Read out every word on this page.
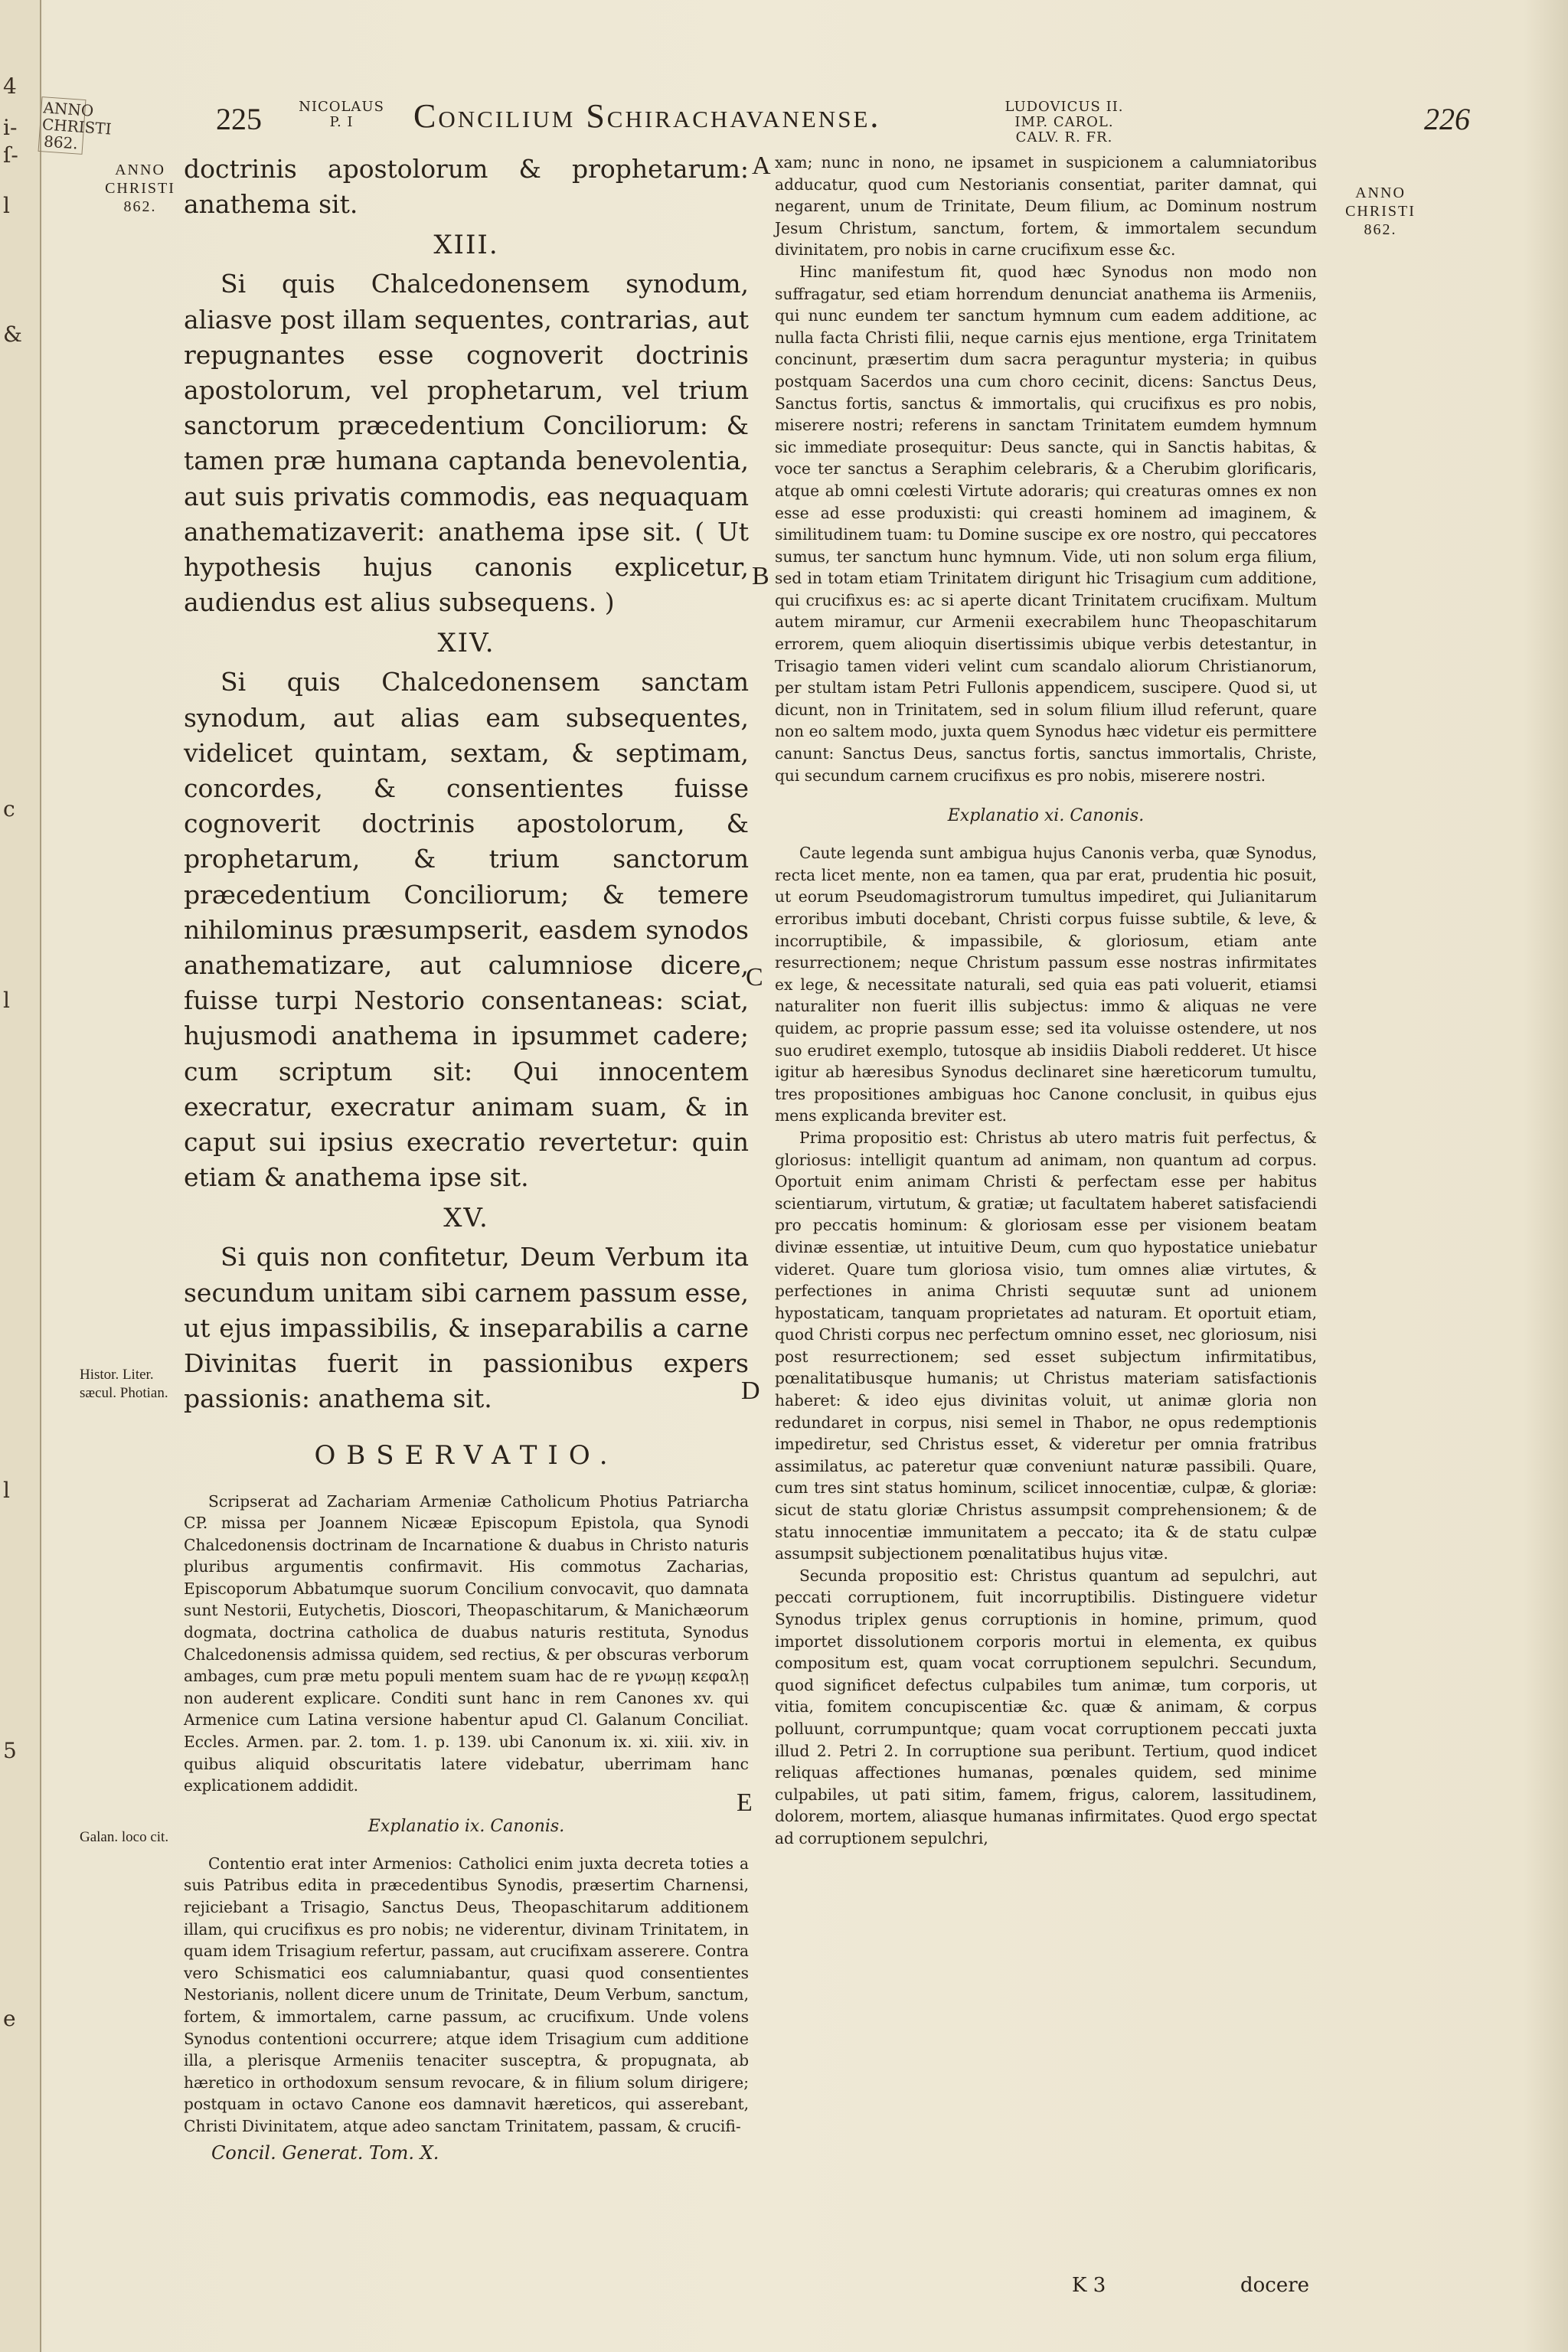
4
i-
ſ-
l
&
c
l
l
5
e
ANNO CHRISTI 862.
225	NICOLAUS P. I	Concilium Schirachavanense.	LUDOVICUS II. IMP. CAROL. CALV. R. FR.
226
ANNO CHRISTI 862.
ANNO CHRISTI 862.
Histor. Liter. sæcul. Photian.
Galan. loco cit.

doctrinis apostolorum & prophetarum: anathema sit.

XIII.

Si quis Chalcedonensem synodum, aliasve post illam sequentes, contrarias, aut repugnantes esse cognoverit doctrinis apostolorum, vel prophetarum, vel trium sanctorum præcedentium Conciliorum: & tamen præ humana captanda benevolentia, aut suis privatis commodis, eas nequaquam anathematizaverit: anathema ipse sit. ( Ut hypothesis hujus canonis explicetur, audiendus est alius subsequens. )

XIV.

Si quis Chalcedonensem sanctam synodum, aut alias eam subsequentes, videlicet quintam, sextam, & septimam, concordes, & consentientes fuisse cognoverit doctrinis apostolorum, & prophetarum, & trium sanctorum præcedentium Conciliorum; & temere nihilominus præsumpserit, easdem synodos anathematizare, aut calumniose dicere, fuisse turpi Nestorio consentaneas: sciat, hujusmodi anathema in ipsummet cadere; cum scriptum sit: Qui innocentem execratur, execratur animam suam, & in caput sui ipsius execratio revertetur: quin etiam & anathema ipse sit.

XV.

Si quis non confitetur, Deum Verbum ita secundum unitam sibi carnem passum esse, ut ejus impassibilis, & inseparabilis a carne Divinitas fuerit in passionibus expers passionis: anathema sit.

OBSERVATIO.

Scripserat ad Zachariam Armeniæ Catholicum Photius Patriarcha CP. missa per Joannem Nicææ Episcopum Epistola, qua Synodi Chalcedonensis doctrinam de Incarnatione & duabus in Christo naturis pluribus argumentis confirmavit. His commotus Zacharias, Episcoporum Abbatumque suorum Concilium convocavit, quo damnata sunt Nestorii, Eutychetis, Dioscori, Theopaschitarum, & Manichæorum dogmata, doctrina catholica de duabus naturis restituta, Synodus Chalcedonensis admissa quidem, sed rectius, & per obscuras verborum ambages, cum præ metu populi mentem suam hac de re γνωμῃ κεφαλῃ non auderent explicare. Conditi sunt hanc in rem Canones xv. qui Armenice cum Latina versione habentur apud Cl. Galanum Conciliat. Eccles. Armen. par. 2. tom. 1. p. 139. ubi Canonum ix. xi. xiii. xiv. in quibus aliquid obscuritatis latere videbatur, uberrimam hanc explicationem addidit.

Explanatio ix. Canonis.

Contentio erat inter Armenios: Catholici enim juxta decreta toties a suis Patribus edita in præcedentibus Synodis, præsertim Charnensi, rejiciebant a Trisagio, Sanctus Deus, Theopaschitarum additionem illam, qui crucifixus es pro nobis; ne viderentur, divinam Trinitatem, in quam idem Trisagium refertur, passam, aut crucifixam asserere. Contra vero Schismatici eos calumniabantur, quasi quod consentientes Nestorianis, nollent dicere unum de Trinitate, Deum Verbum, sanctum, fortem, & immortalem, carne passum, ac crucifixum. Unde volens Synodus contentioni occurrere; atque idem Trisagium cum additione illa, a plerisque Armeniis tenaciter susceptra, & propugnata, ab hæretico in orthodoxum sensum revocare, & in filium solum dirigere; postquam in octavo Canone eos damnavit hæreticos, qui asserebant, Christi Divinitatem, atque adeo sanctam Trinitatem, passam, & crucifi-

Concil. Generat. Tom. X.
A
B
C
D
E

xam; nunc in nono, ne ipsamet in suspicionem a calumniatoribus adducatur, quod cum Nestorianis consentiat, pariter damnat, qui negarent, unum de Trinitate, Deum filium, ac Dominum nostrum Jesum Christum, sanctum, fortem, & immortalem secundum divinitatem, pro nobis in carne crucifixum esse &c.

Hinc manifestum fit, quod hæc Synodus non modo non suffragatur, sed etiam horrendum denunciat anathema iis Armeniis, qui nunc eundem ter sanctum hymnum cum eadem additione, ac nulla facta Christi filii, neque carnis ejus mentione, erga Trinitatem concinunt, præsertim dum sacra peraguntur mysteria; in quibus postquam Sacerdos una cum choro cecinit, dicens: Sanctus Deus, Sanctus fortis, sanctus & immortalis, qui crucifixus es pro nobis, miserere nostri; referens in sanctam Trinitatem eumdem hymnum sic immediate prosequitur: Deus sancte, qui in Sanctis habitas, & voce ter sanctus a Seraphim celebraris, & a Cherubim glorificaris, atque ab omni cœlesti Virtute adoraris; qui creaturas omnes ex non esse ad esse produxisti: qui creasti hominem ad imaginem, & similitudinem tuam: tu Domine suscipe ex ore nostro, qui peccatores sumus, ter sanctum hunc hymnum. Vide, uti non solum erga filium, sed in totam etiam Trinitatem dirigunt hic Trisagium cum additione, qui crucifixus es: ac si aperte dicant Trinitatem crucifixam. Multum autem miramur, cur Armenii execrabilem hunc Theopaschitarum errorem, quem alioquin disertissimis ubique verbis detestantur, in Trisagio tamen videri velint cum scandalo aliorum Christianorum, per stultam istam Petri Fullonis appendicem, suscipere. Quod si, ut dicunt, non in Trinitatem, sed in solum filium illud referunt, quare non eo saltem modo, juxta quem Synodus hæc videtur eis permittere canunt: Sanctus Deus, sanctus fortis, sanctus immortalis, Christe, qui secundum carnem crucifixus es pro nobis, miserere nostri.

Explanatio xi. Canonis.

Caute legenda sunt ambigua hujus Canonis verba, quæ Synodus, recta licet mente, non ea tamen, qua par erat, prudentia hic posuit, ut eorum Pseudomagistrorum tumultus impediret, qui Julianitarum erroribus imbuti docebant, Christi corpus fuisse subtile, & leve, & incorruptibile, & impassibile, & gloriosum, etiam ante resurrectionem; neque Christum passum esse nostras infirmitates ex lege, & necessitate naturali, sed quia eas pati voluerit, etiamsi naturaliter non fuerit illis subjectus: immo & aliquas ne vere quidem, ac proprie passum esse; sed ita voluisse ostendere, ut nos suo erudiret exemplo, tutosque ab insidiis Diaboli redderet. Ut hisce igitur ab hæresibus Synodus declinaret sine hæreticorum tumultu, tres propositiones ambiguas hoc Canone conclusit, in quibus ejus mens explicanda breviter est.

Prima propositio est: Christus ab utero matris fuit perfectus, & gloriosus: intelligit quantum ad animam, non quantum ad corpus. Oportuit enim animam Christi & perfectam esse per habitus scientiarum, virtutum, & gratiæ; ut facultatem haberet satisfaciendi pro peccatis hominum: & gloriosam esse per visionem beatam divinæ essentiæ, ut intuitive Deum, cum quo hypostatice uniebatur videret. Quare tum gloriosa visio, tum omnes aliæ virtutes, & perfectiones in anima Christi sequutæ sunt ad unionem hypostaticam, tanquam proprietates ad naturam. Et oportuit etiam, quod Christi corpus nec perfectum omnino esset, nec gloriosum, nisi post resurrectionem; sed esset subjectum infirmitatibus, pœnalitatibusque humanis; ut Christus materiam satisfactionis haberet: & ideo ejus divinitas voluit, ut animæ gloria non redundaret in corpus, nisi semel in Thabor, ne opus redemptionis impediretur, sed Christus esset, & videretur per omnia fratribus assimilatus, ac pateretur quæ conveniunt naturæ passibili. Quare, cum tres sint status hominum, scilicet innocentiæ, culpæ, & gloriæ: sicut de statu gloriæ Christus assumpsit comprehensionem; & de statu innocentiæ immunitatem a peccato; ita & de statu culpæ assumpsit subjectionem pœnalitatibus hujus vitæ.

Secunda propositio est: Christus quantum ad sepulchri, aut peccati corruptionem, fuit incorruptibilis. Distinguere videtur Synodus triplex genus corruptionis in homine, primum, quod importet dissolutionem corporis mortui in elementa, ex quibus compositum est, quam vocat corruptionem sepulchri. Secundum, quod significet defectus culpabiles tum animæ, tum corporis, ut vitia, fomitem concupiscentiæ &c. quæ & animam, & corpus polluunt, corrumpuntque; quam vocat corruptionem peccati juxta illud 2. Petri 2. In corruptione sua peribunt. Tertium, quod indicet reliquas affectiones humanas, pœnales quidem, sed minime culpabiles, ut pati sitim, famem, frigus, calorem, lassitudinem, dolorem, mortem, aliasque humanas infirmitates. Quod ergo spectat ad corruptionem sepulchri,

K 3	docere
